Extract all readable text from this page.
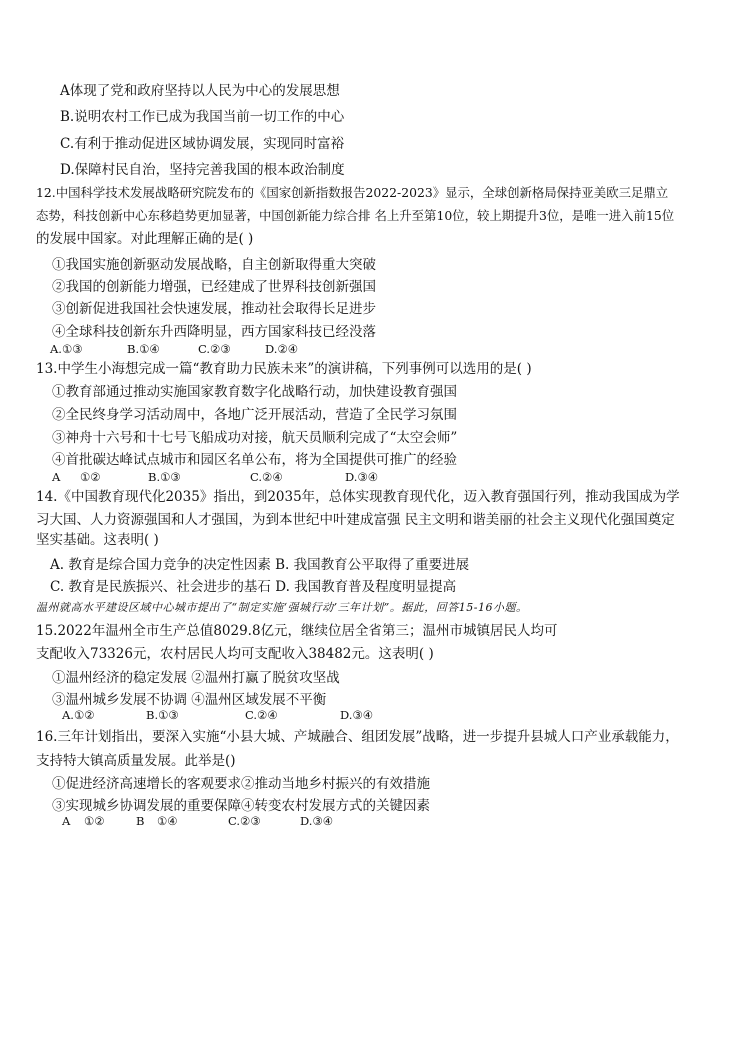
A体现了党和政府坚持以人民为中心的发展思想
B.说明农村工作已成为我国当前一切工作的中心
C.有利于推动促进区域协调发展，实现同时富裕
D.保障村民自治，坚持完善我国的根本政治制度
12.中国科学技术发展战略研究院发布的《国家创新指数报告2022-2023》显示，全球创新格局保持亚美欧三足鼎立
态势，科技创新中心东移趋势更加显著，中国创新能力综合排 名上升至第10位，较上期提升3位，是唯一进入前15位
的发展中国家。对此理解正确的是( )
①我国实施创新驱动发展战略，自主创新取得重大突破
②我国的创新能力增强，已经建成了世界科技创新强国
③创新促进我国社会快速发展，推动社会取得长足进步
④全球科技创新东升西降明显，西方国家科技已经没落
A.①③	B.①④	C.②③	D.②④
13.中学生小海想完成一篇“教育助力民族未来”的演讲稿，下列事例可以选用的是( )
①教育部通过推动实施国家教育数字化战略行动，加快建设教育强国
②全民终身学习活动周中，各地广泛开展活动，营造了全民学习氛围
③神舟十六号和十七号飞船成功对接，航天员顺利完成了“太空会师”
④首批碳达峰试点城市和园区名单公布，将为全国提供可推广的经验
A ①②	B.①③	C.②④	D.③④
14.《中国教育现代化2035》指出，到2035年，总体实现教育现代化，迈入教育强国行列，推动我国成为学
习大国、人力资源强国和人才强国，为到本世纪中叶建成富强 民主文明和谐美丽的社会主义现代化强国奠定
坚实基础。这表明( )
A. 教育是综合国力竞争的决定性因素 B. 我国教育公平取得了重要进展
C. 教育是民族振兴、社会进步的基石 D. 我国教育普及程度明显提高
温州就高水平建设区域中心城市提出了“制定实施‘强城行动’三年计划”。据此，回答15-16小题。
15.2022年温州全市生产总值8029.8亿元，继续位居全省第三；温州市城镇居民人均可
支配收入73326元，农村居民人均可支配收入38482元。这表明( )
①温州经济的稳定发展 ②温州打赢了脱贫攻坚战
③温州城乡发展不协调 ④温州区域发展不平衡
A.①②	B.①③	C.②④	D.③④
16.三年计划指出，要深入实施“小县大城、产城融合、组团发展”战略，进一步提升县城人口产业承载能力，
支持特大镇高质量发展。此举是()
①促进经济高速增长的客观要求②推动当地乡村振兴的有效措施
③实现城乡协调发展的重要保障④转变农村发展方式的关键因素
A ①②	B ①④	C.②③	D.③④
